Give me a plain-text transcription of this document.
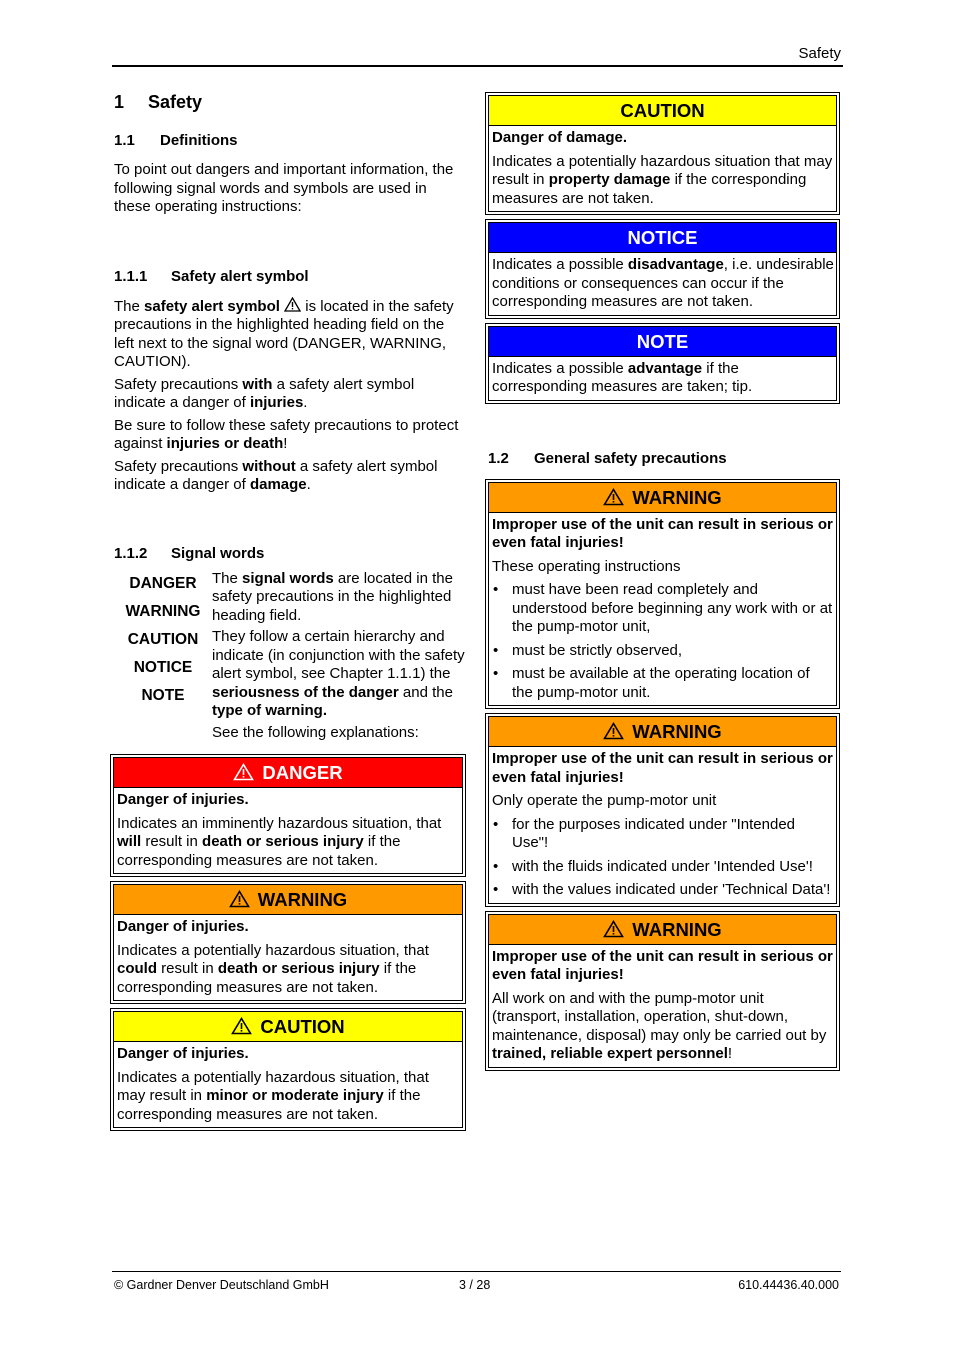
Safety
1 Safety
1.1 Definitions

To point out dangers and important information, the following signal words and symbols are used in these operating instructions:

1.1.1 Safety alert symbol

The safety alert symbol  is located in the safety precautions in the highlighted heading field on the left next to the signal word (DANGER, WARNING, CAUTION).

Safety precautions with a safety alert symbol indicate a danger of injuries.

Be sure to follow these safety precautions to protect against injuries or death!

Safety precautions without a safety alert symbol indicate a danger of damage.

1.1.2 Signal words
DANGER
WARNING
CAUTION
NOTICE
NOTE

The signal words are located in the safety precautions in the highlighted heading field.

They follow a certain hierarchy and indicate (in conjunction with the safety alert symbol, see Chapter 1.1.1) the seriousness of the danger and the type of warning.

See the following explanations:

DANGER

Danger of injuries.

Indicates an imminently hazardous situation, that will result in death or serious injury if the corresponding measures are not taken.

WARNING

Danger of injuries.

Indicates a potentially hazardous situation, that could result in death or serious injury if the corresponding measures are not taken.

CAUTION

Danger of injuries.

Indicates a potentially hazardous situation, that may result in minor or moderate injury if the corresponding measures are not taken.

CAUTION

Danger of damage.

Indicates a potentially hazardous situation that may result in property damage if the corresponding measures are not taken.

NOTICE

Indicates a possible disadvantage, i.e. undesirable conditions or consequences can occur if the corresponding measures are not taken.

NOTE

Indicates a possible advantage if the corresponding measures are taken; tip.

1.2 General safety precautions
WARNING

Improper use of the unit can result in serious or even fatal injuries!

These operating instructions

• must have been read completely and understood before beginning any work with or at the pump-motor unit,
• must be strictly observed,
• must be available at the operating location of the pump-motor unit.
WARNING

Improper use of the unit can result in serious or even fatal injuries!

Only operate the pump-motor unit

• for the purposes indicated under "Intended Use"!
• with the fluids indicated under 'Intended Use'!
• with the values indicated under 'Technical Data'!
WARNING

Improper use of the unit can result in serious or even fatal injuries!

All work on and with the pump-motor unit (transport, installation, operation, shut-down, maintenance, disposal) may only be carried out by trained, reliable expert personnel!

© Gardner Denver Deutschland GmbH	3 / 28	610.44436.40.000
